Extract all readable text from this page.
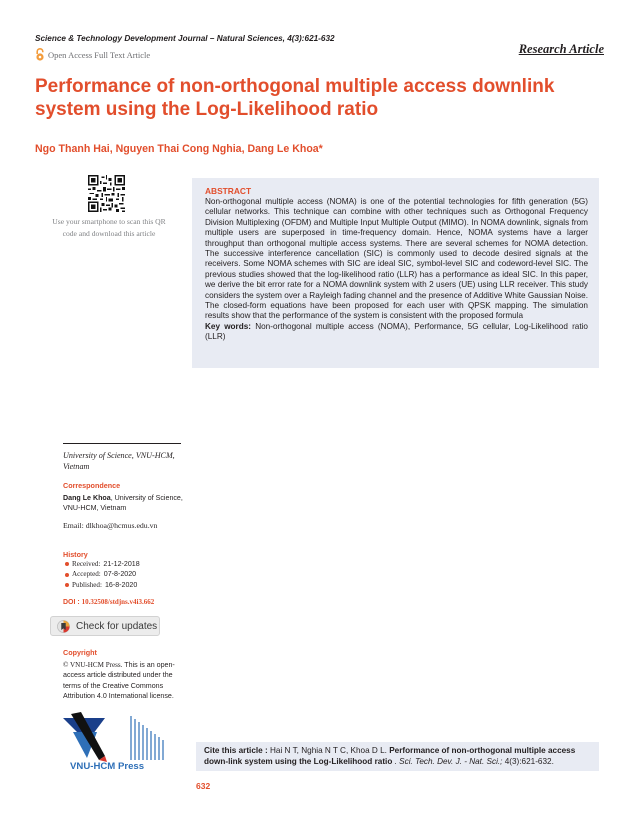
Science & Technology Development Journal – Natural Sciences, 4(3):621-632
Open Access Full Text Article	Research Article
Performance of non-orthogonal multiple access downlink system using the Log-Likelihood ratio
Ngo Thanh Hai, Nguyen Thai Cong Nghia, Dang Le Khoa*
Use your smartphone to scan this QR code and download this article
ABSTRACT

Non-orthogonal multiple access (NOMA) is one of the potential technologies for fifth generation (5G) cellular networks. This technique can combine with other techniques such as Orthogonal Frequency Division Multiplexing (OFDM) and Multiple Input Multiple Output (MIMO). In NOMA downlink, signals from multiple users are superposed in time-frequency domain. Hence, NOMA systems have a larger throughput than orthogonal multiple access systems. There are several schemes for NOMA detection. The successive interference cancellation (SIC) is commonly used to decode desired signals at the receivers. Some NOMA schemes with SIC are ideal SIC, symbol-level SIC and codeword-level SIC. The previous studies showed that the log-likelihood ratio (LLR) has a performance as ideal SIC. In this paper, we derive the bit error rate for a NOMA downlink system with 2 users (UE) using LLR receiver. This study considers the system over a Rayleigh fading channel and the presence of Additive White Gaussian Noise. The closed-form equations have been proposed for each user with QPSK mapping. The simulation results show that the performance of the system is consistent with the proposed formula
Key words: Non-orthogonal multiple access (NOMA), Performance, 5G cellular, Log-Likelihood ratio (LLR)

University of Science, VNU-HCM, Vietnam
Correspondence
Dang Le Khoa, University of Science, VNU-HCM, Vietnam
Email: dlkhoa@hcmus.edu.vn
History
Received: 21-12-2018
Accepted: 07-8-2020
Published: 16-8-2020
DOI : 10.32508/stdjns.v4i3.662
Check for updates
Copyright
© VNU-HCM Press. This is an open-access article distributed under the terms of the Creative Commons Attribution 4.0 International license.
VNU-HCM Press

Cite this article : Hai N T, Nghia N T C, Khoa D L. Performance of non-orthogonal multiple access down-link system using the Log-Likelihood ratio . Sci. Tech. Dev. J. - Nat. Sci.; 4(3):621-632.

632
